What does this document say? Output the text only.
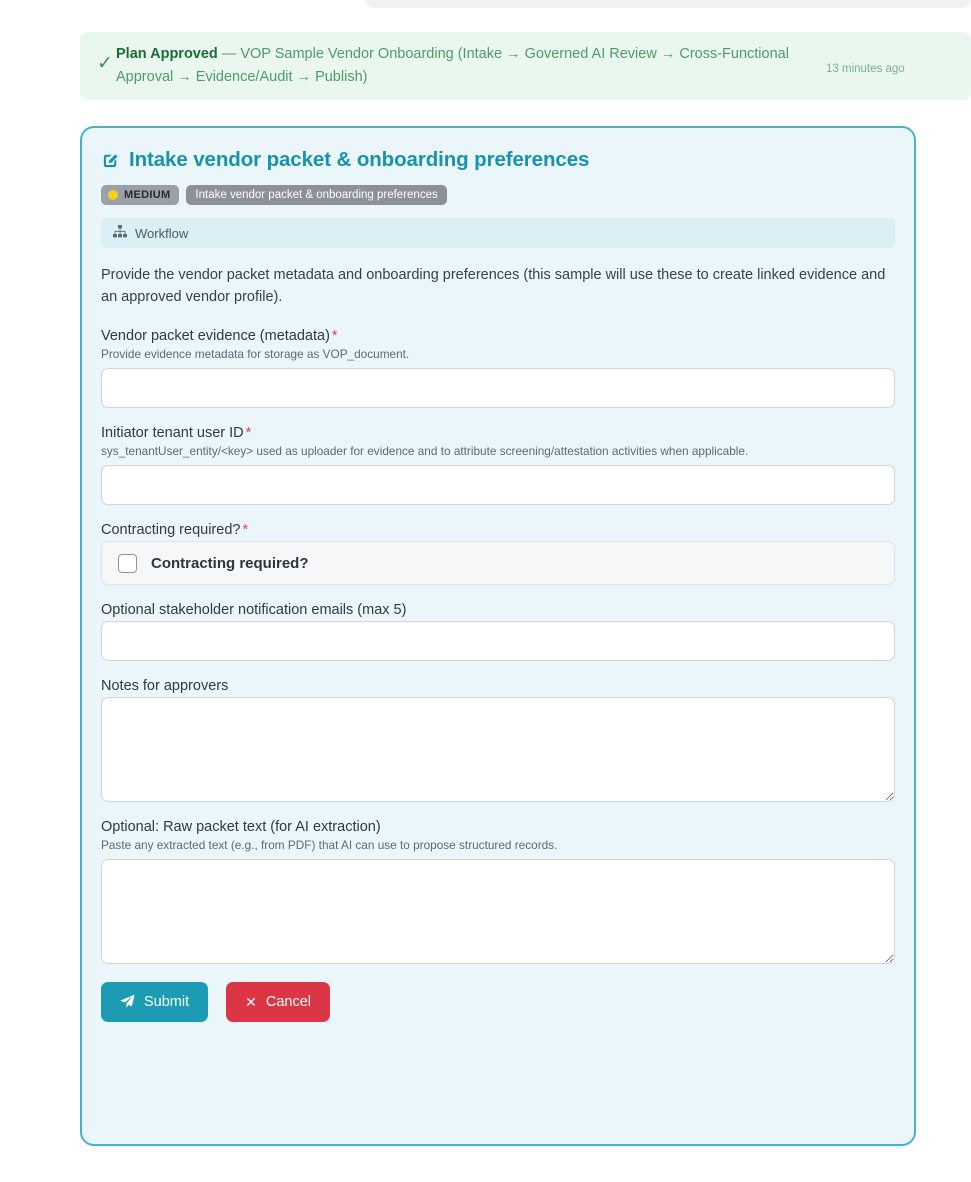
✓ Plan Approved — VOP Sample Vendor Onboarding (Intake → Governed AI Review → Cross-Functional Approval → Evidence/Audit → Publish)	13 minutes ago
Intake vendor packet & onboarding preferences
MEDIUM	Intake vendor packet & onboarding preferences
Workflow

Provide the vendor packet metadata and onboarding preferences (this sample will use these to create linked evidence and an approved vendor profile).

Vendor packet evidence (metadata) *
Provide evidence metadata for storage as VOP_document.
Initiator tenant user ID *
sys_tenantUser_entity/<key> used as uploader for evidence and to attribute screening/attestation activities when applicable.
Contracting required? *
Contracting required?
Optional stakeholder notification emails (max 5)
Notes for approvers
Optional: Raw packet text (for AI extraction)
Paste any extracted text (e.g., from PDF) that AI can use to propose structured records.
Submit	✕ Cancel
